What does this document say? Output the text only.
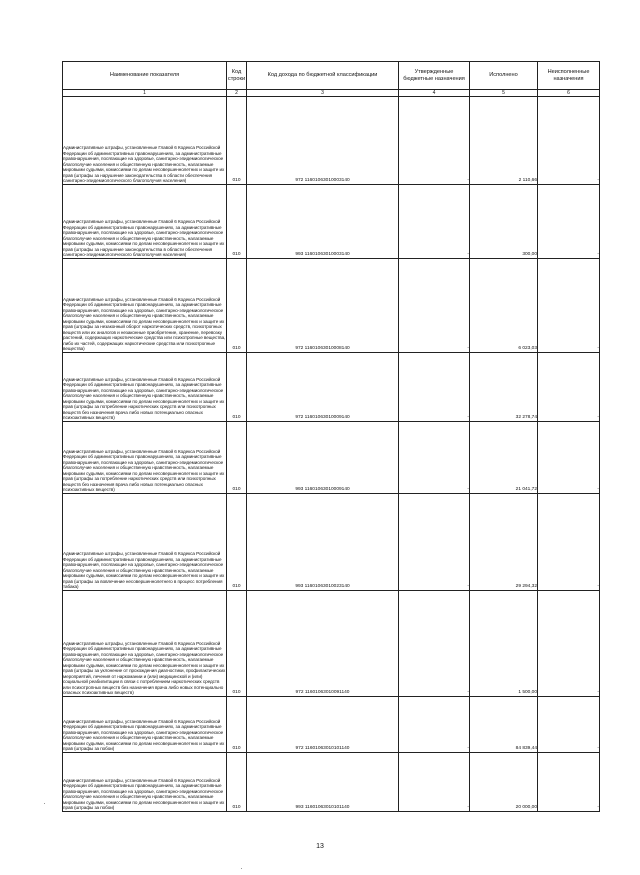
Наименование показателя	Код строки	Код дохода по бюджетной классификации	Утвержденные бюджетные назначения	Исполнено	Неисполненные назначения
1	2	3	4	5	6
Административные штрафы, установленные Главой 6 Кодекса Российской Федерации об административных правонарушениях, за административные правонарушения, посягающие на здоровье, санитарно-эпидемиологическое благополучие населения и общественную нравственность, налагаемые мировыми судьями, комиссиями по делам несовершеннолетних и защите их прав (штрафы за нарушение законодательства в области обеспечения санитарно-эпидемиологического благополучия населения)	010	972 11601063010003140	-	2 110,66	-
Административные штрафы, установленные Главой 6 Кодекса Российской Федерации об административных правонарушениях, за административные правонарушения, посягающие на здоровье, санитарно-эпидемиологическое благополучие населения и общественную нравственность, налагаемые мировыми судьями, комиссиями по делам несовершеннолетних и защите их прав (штрафы за нарушение законодательства в области обеспечения санитарно-эпидемиологического благополучия населения)	010	993 11601063010003140	-	300,00	-
Административные штрафы, установленные Главой 6 Кодекса Российской Федерации об административных правонарушениях, за административные правонарушения, посягающие на здоровье, санитарно-эпидемиологическое благополучие населения и общественную нравственность, налагаемые мировыми судьями, комиссиями по делам несовершеннолетних и защите их прав (штрафы за незаконный оборот наркотических средств, психотропных веществ или их аналогов и незаконные приобретение, хранение, перевозку растений, содержащих наркотические средства или психотропные вещества, либо их частей, содержащих наркотические средства или психотропные вещества)	010	972 11601063010008140	-	6 023,03	-
Административные штрафы, установленные Главой 6 Кодекса Российской Федерации об административных правонарушениях, за административные правонарушения, посягающие на здоровье, санитарно-эпидемиологическое благополучие населения и общественную нравственность, налагаемые мировыми судьями, комиссиями по делам несовершеннолетних и защите их прав (штрафы за потребление наркотических средств или психотропных веществ без назначения врача либо новых потенциально опасных психоактивных веществ)	010	972 11601063010009140	-	32 278,74	-
Административные штрафы, установленные Главой 6 Кодекса Российской Федерации об административных правонарушениях, за административные правонарушения, посягающие на здоровье, санитарно-эпидемиологическое благополучие населения и общественную нравственность, налагаемые мировыми судьями, комиссиями по делам несовершеннолетних и защите их прав (штрафы за потребление наркотических средств или психотропных веществ без назначения врача либо новых потенциально опасных психоактивных веществ)	010	993 11601063010009140	-	21 041,72	-
Административные штрафы, установленные Главой 6 Кодекса Российской Федерации об административных правонарушениях, за административные правонарушения, посягающие на здоровье, санитарно-эпидемиологическое благополучие населения и общественную нравственность, налагаемые мировыми судьями, комиссиями по делам несовершеннолетних и защите их прав (штрафы за вовлечение несовершеннолетнего в процесс потребления табака)	010	993 11601063010023140	-	29 294,32	-
Административные штрафы, установленные Главой 6 Кодекса Российской Федерации об административных правонарушениях, за административные правонарушения, посягающие на здоровье, санитарно-эпидемиологическое благополучие населения и общественную нравственность, налагаемые мировыми судьями, комиссиями по делам несовершеннолетних и защите их прав (штрафы за уклонение от прохождения диагностики, профилактических мероприятий, лечения от наркомании и (или) медицинской и (или) социальной реабилитации в связи с потреблением наркотических средств или психотропных веществ без назначения врача либо новых потенциально опасных психоактивных веществ)	010	972 11601063010091140	-	1 500,00	-
Административные штрафы, установленные Главой 6 Кодекса Российской Федерации об административных правонарушениях, за административные правонарушения, посягающие на здоровье, санитарно-эпидемиологическое благополучие населения и общественную нравственность, налагаемые мировыми судьями, комиссиями по делам несовершеннолетних и защите их прав (штрафы за побои)	010	972 11601063010101140	-	84 839,44	-
Административные штрафы, установленные Главой 6 Кодекса Российской Федерации об административных правонарушениях, за административные правонарушения, посягающие на здоровье, санитарно-эпидемиологическое благополучие населения и общественную нравственность, налагаемые мировыми судьями, комиссиями по делам несовершеннолетних и защите их прав (штрафы за побои)	010	993 11601063010101140	-	20 000,00	-
13
